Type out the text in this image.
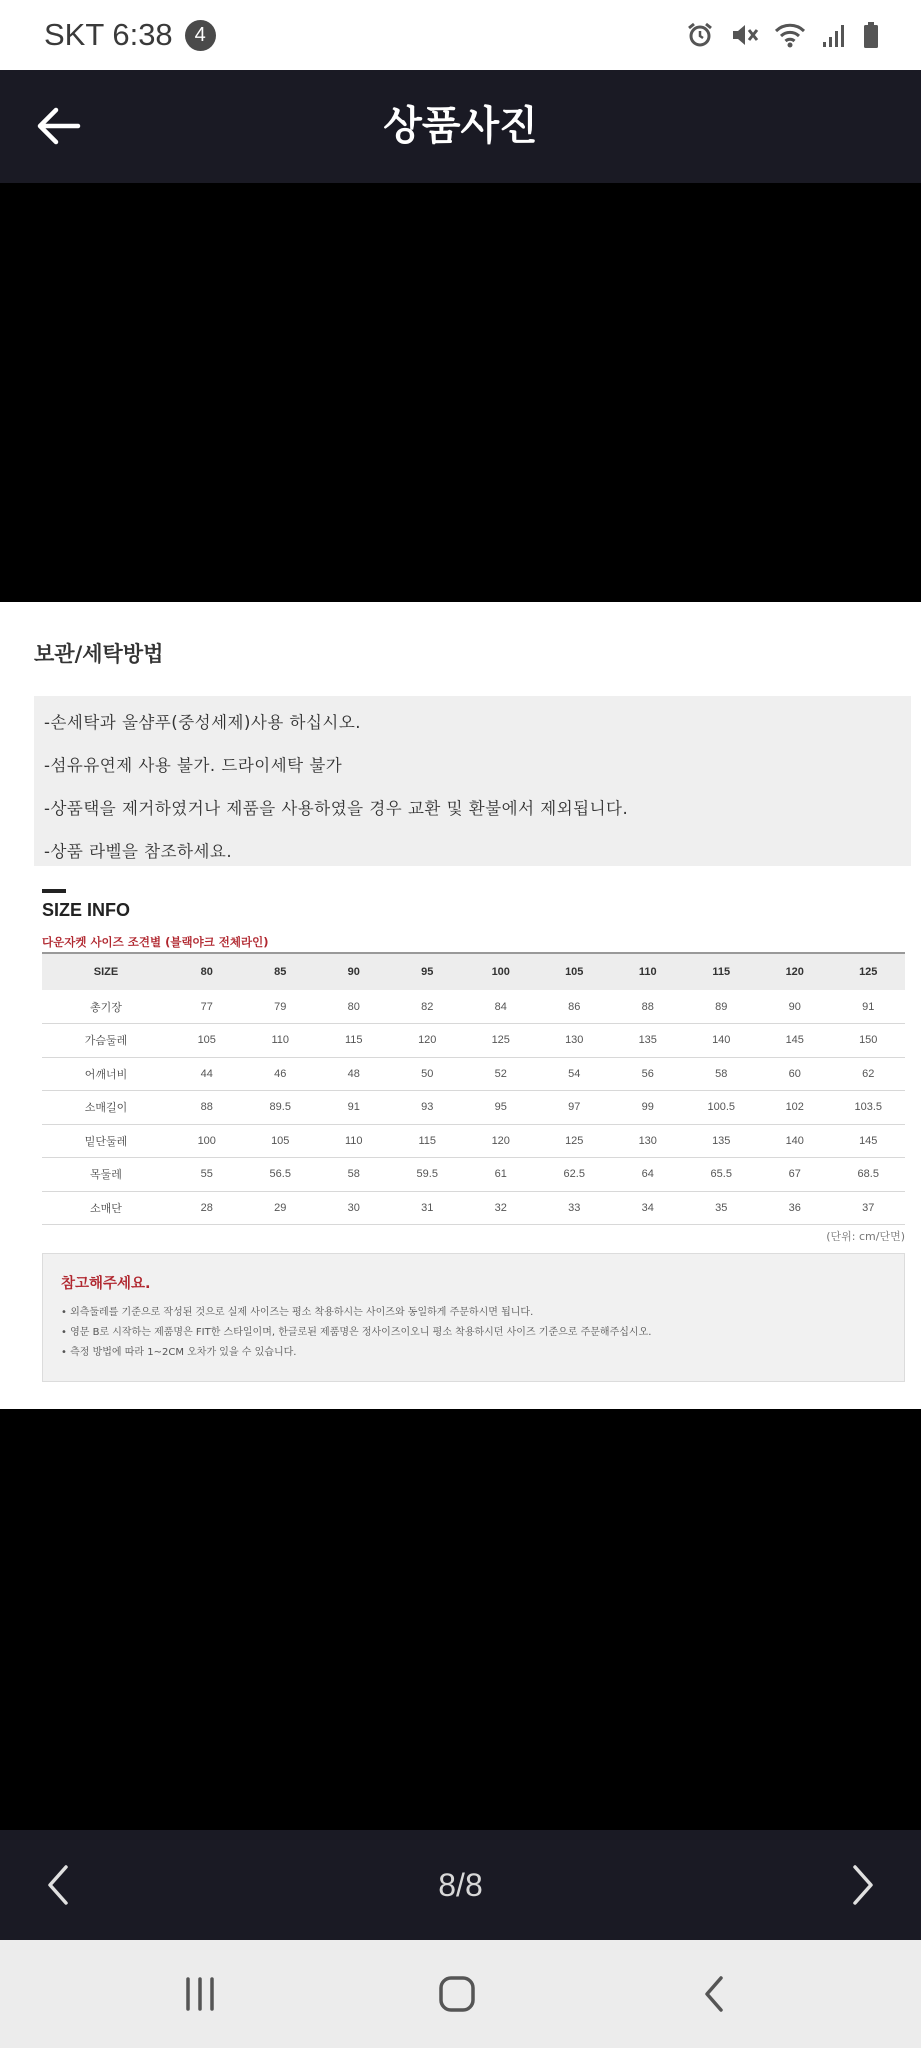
SKT 6:38	4
상품사진
보관/세탁방법
-손세탁과 울샴푸(중성세제)사용 하십시오.
-섬유유연제 사용 불가. 드라이세탁 불가
-상품택을 제거하였거나 제품을 사용하였을 경우 교환 및 환불에서 제외됩니다.
-상품 라벨을 참조하세요.
SIZE INFO
다운자켓 사이즈 조견별 (블랙야크 전체라인)
SIZE	80	85	90	95	100	105	110	115	120	125
총기장	77	79	80	82	84	86	88	89	90	91
가슴둘레	105	110	115	120	125	130	135	140	145	150
어깨너비	44	46	48	50	52	54	56	58	60	62
소매길이	88	89.5	91	93	95	97	99	100.5	102	103.5
밑단둘레	100	105	110	115	120	125	130	135	140	145
목둘레	55	56.5	58	59.5	61	62.5	64	65.5	67	68.5
소매단	28	29	30	31	32	33	34	35	36	37
(단위: cm/단면)
참고해주세요.
• 외측둘레를 기준으로 작성된 것으로 실제 사이즈는 평소 착용하시는 사이즈와 동일하게 주문하시면 됩니다.
• 영문 B로 시작하는 제품명은 FIT한 스타일이며, 한글로된 제품명은 정사이즈이오니 평소 착용하시던 사이즈 기준으로 주문해주십시오.
• 측정 방법에 따라 1~2CM 오차가 있을 수 있습니다.
8/8
